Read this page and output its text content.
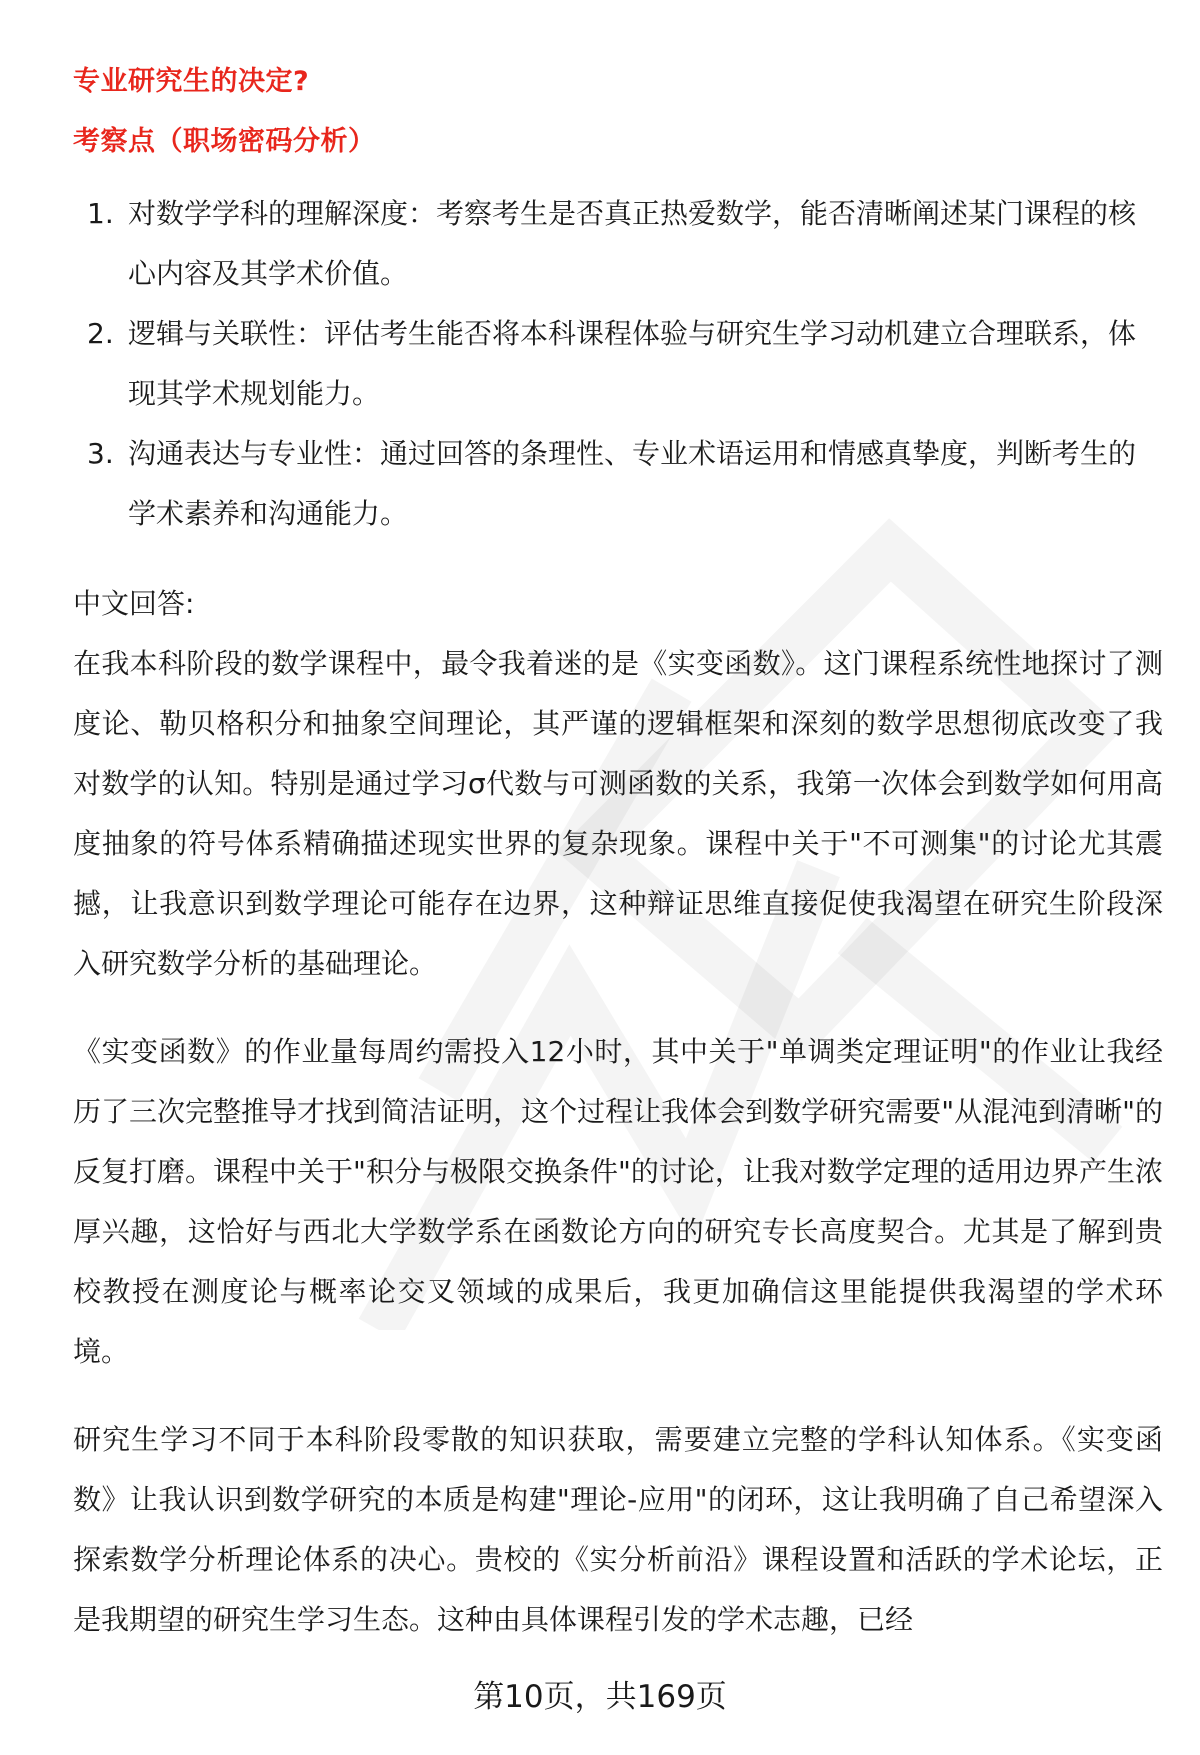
专业研究生的决定?

考察点（职场密码分析）

1. 对数学学科的理解深度：考察考生是否真正热爱数学，能否清晰阐述某门课程的核心内容及其学术价值。
2. 逻辑与关联性：评估考生能否将本科课程体验与研究生学习动机建立合理联系，体现其学术规划能力。
3. 沟通表达与专业性：通过回答的条理性、专业术语运用和情感真挚度，判断考生的学术素养和沟通能力。

中文回答:

在我本科阶段的数学课程中，最令我着迷的是《实变函数》。这门课程系统性地探讨了测度论、勒贝格积分和抽象空间理论，其严谨的逻辑框架和深刻的数学思想彻底改变了我对数学的认知。特别是通过学习σ代数与可测函数的关系，我第一次体会到数学如何用高度抽象的符号体系精确描述现实世界的复杂现象。课程中关于"不可测集"的讨论尤其震撼，让我意识到数学理论可能存在边界，这种辩证思维直接促使我渴望在研究生阶段深入研究数学分析的基础理论。

《实变函数》的作业量每周约需投入12小时，其中关于"单调类定理证明"的作业让我经历了三次完整推导才找到简洁证明，这个过程让我体会到数学研究需要"从混沌到清晰"的反复打磨。课程中关于"积分与极限交换条件"的讨论，让我对数学定理的适用边界产生浓厚兴趣，这恰好与西北大学数学系在函数论方向的研究专长高度契合。尤其是了解到贵校教授在测度论与概率论交叉领域的成果后，我更加确信这里能提供我渴望的学术环境。

研究生学习不同于本科阶段零散的知识获取，需要建立完整的学科认知体系。《实变函数》让我认识到数学研究的本质是构建"理论-应用"的闭环，这让我明确了自己希望深入探索数学分析理论体系的决心。贵校的《实分析前沿》课程设置和活跃的学术论坛，正是我期望的研究生学习生态。这种由具体课程引发的学术志趣，已经

第10页，共169页
